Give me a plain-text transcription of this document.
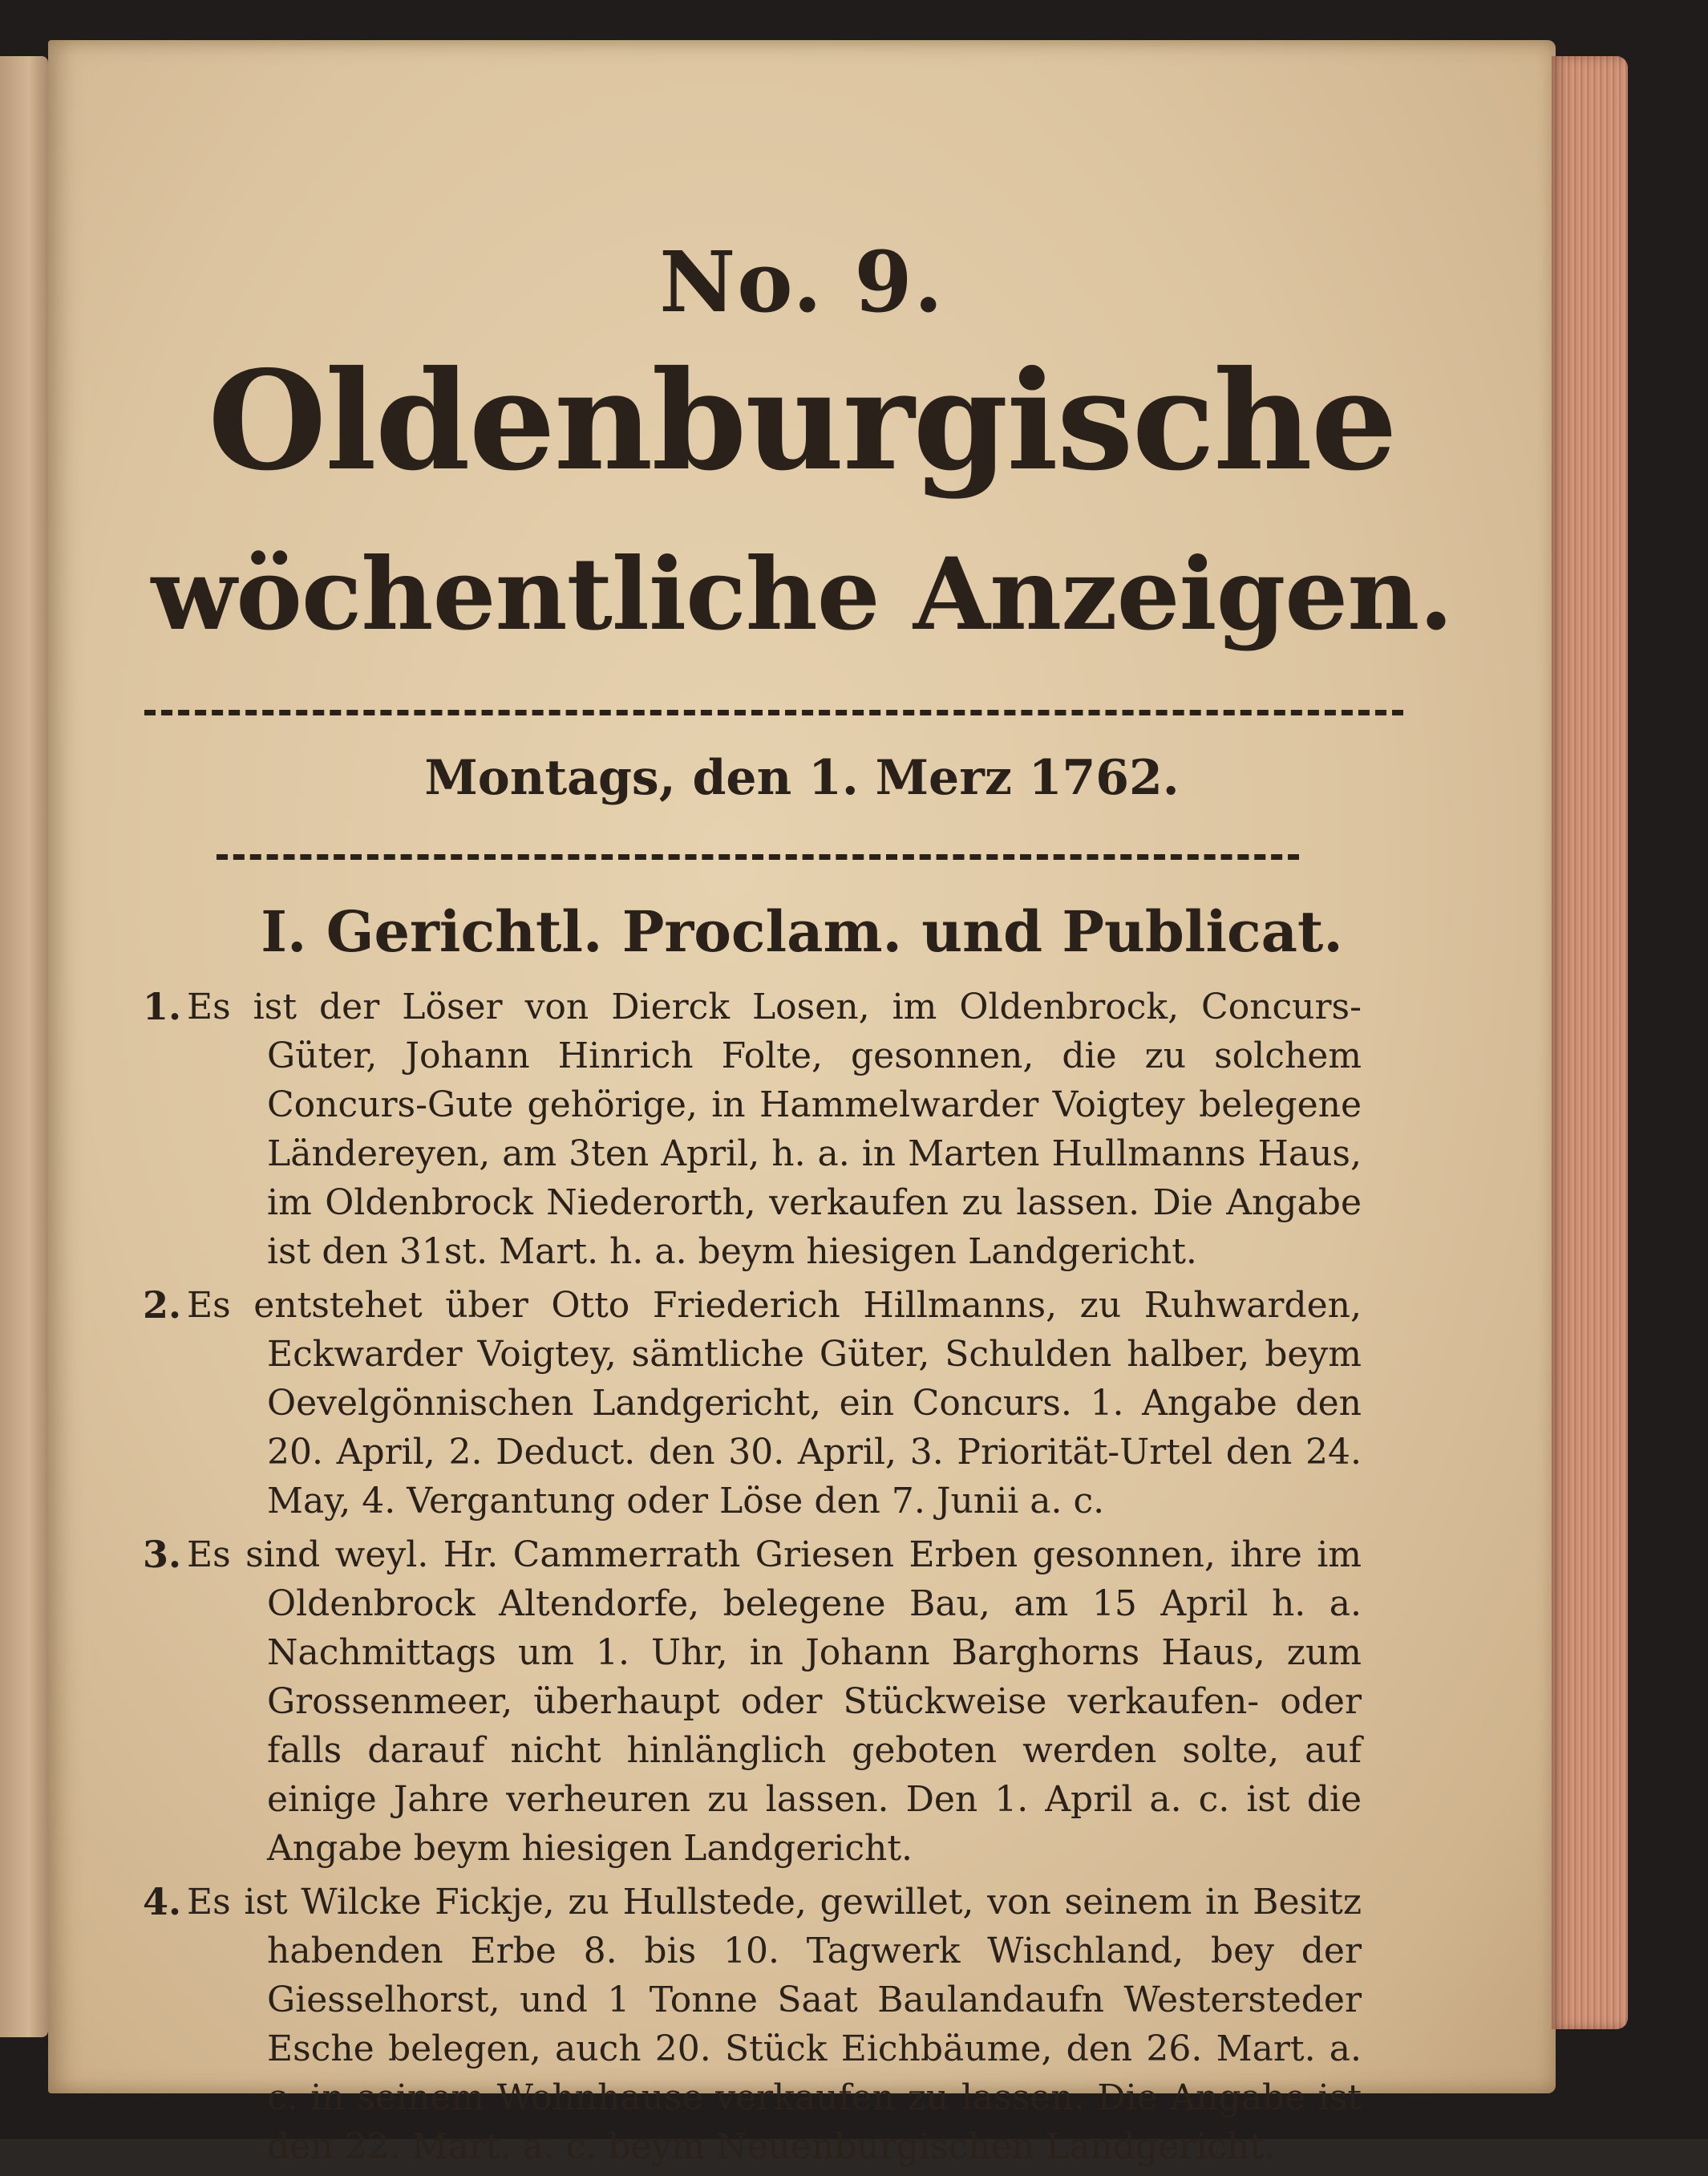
No. 9.
Oldenburgische
wöchentliche Anzeigen.
Montags, den 1. Merz 1762.
I. Gerichtl. Proclam. und Publicat.
1. Es ist der Löser von Dierck Losen, im Oldenbrock, Concurs-Güter, Johann Hinrich Folte, gesonnen, die zu solchem Concurs-Gute gehörige, in Hammelwarder Voigtey belegene Ländereyen, am 3ten April, h. a. in Marten Hullmanns Haus, im Oldenbrock Niederorth, verkaufen zu lassen. Die Angabe ist den 31st. Mart. h. a. beym hiesigen Landgericht.
2. Es entstehet über Otto Friederich Hillmanns, zu Ruhwarden, Eckwarder Voigtey, sämtliche Güter, Schulden halber, beym Oevelgönnischen Landgericht, ein Concurs. 1. Angabe den 20. April, 2. Deduct. den 30. April, 3. Priorität-Urtel den 24. May, 4. Vergantung oder Löse den 7. Junii a. c.
3. Es sind weyl. Hr. Cammerrath Griesen Erben gesonnen, ihre im Oldenbrock Altendorfe, belegene Bau, am 15 April h. a. Nachmittags um 1. Uhr, in Johann Barghorns Haus, zum Grossenmeer, überhaupt oder Stückweise verkaufen- oder falls darauf nicht hinlänglich geboten werden solte, auf einige Jahre verheuren zu lassen. Den 1. April a. c. ist die Angabe beym hiesigen Landgericht.
4. Es ist Wilcke Fickje, zu Hullstede, gewillet, von seinem in Besitz habenden Erbe 8. bis 10. Tagwerk Wischland, bey der Giesselhorst, und 1 Tonne Saat Baulandaufn Westersteder Esche belegen, auch 20. Stück Eichbäume, den 26. Mart. a. c. in seinem Wohnhause verkaufen zu lassen. Die Angabe ist den 22. Mart. a. c. beym Neuenburgischen Landgericht.
